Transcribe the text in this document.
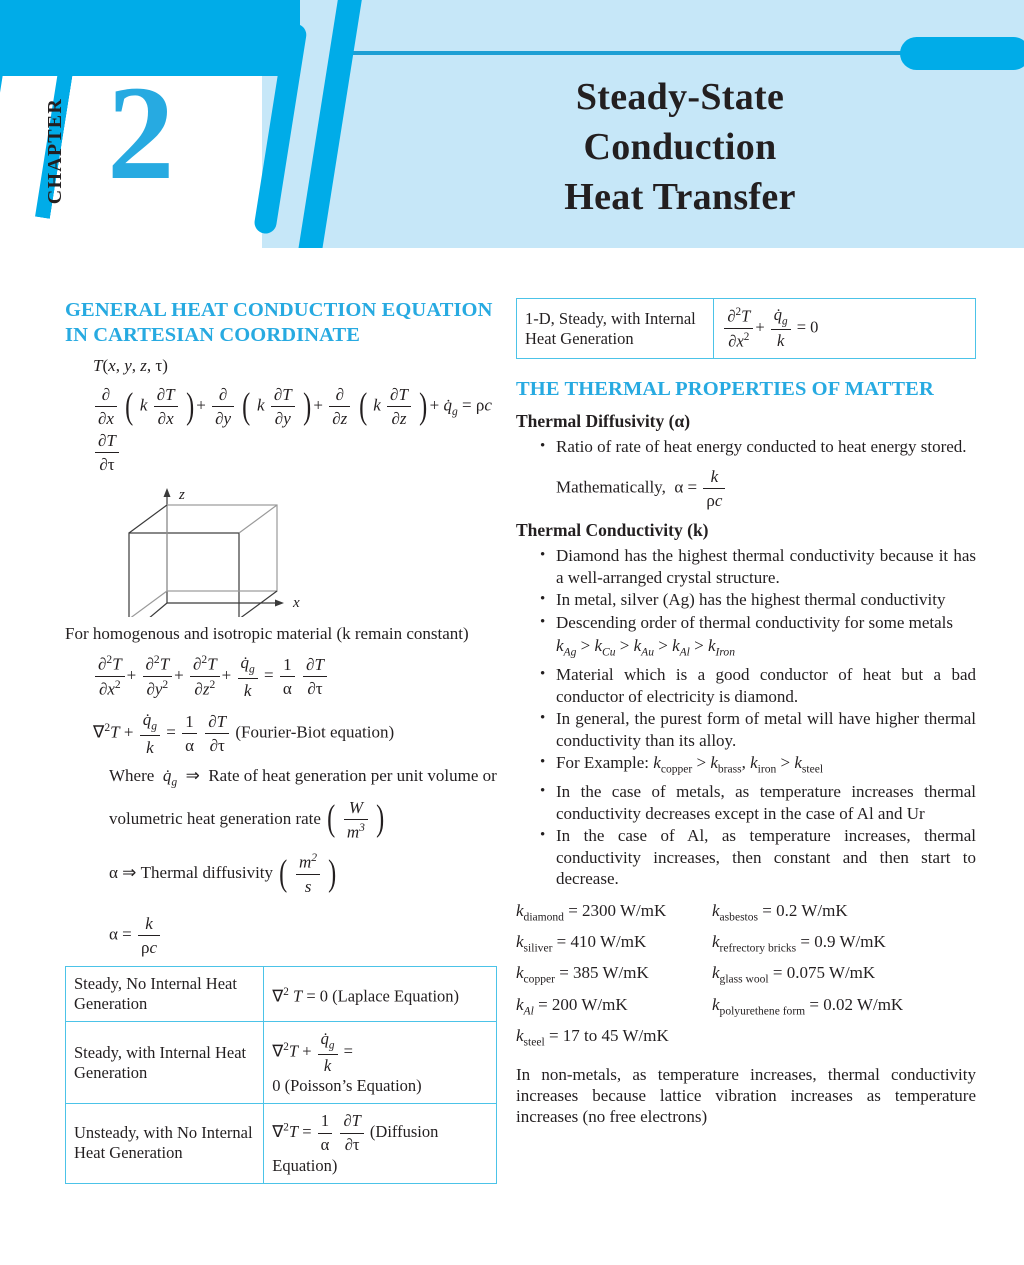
CHAPTER 2	Steady-State
Conduction
Heat Transfer
GENERAL HEAT CONDUCTION EQUATION IN CARTESIAN COORDINATE
T(x, y, z, τ)
$\frac{\partial}{\partial x}$ ( k $\frac{\partial T}{\partial x}$ ) + $\frac{\partial}{\partial y}$ ( k $\frac{\partial T}{\partial y}$ ) + $\frac{\partial}{\partial z}$ ( k $\frac{\partial T}{\partial z}$ ) + $q̇_g = \rho c$
$\frac{\partial T}{\partial\tau}$
z
x

For homogenous and isotropic material (k remain constant)

$\frac{\partial^2T}{\partial x^2} + \frac{\partial^2T}{\partial y^2} + \frac{\partial^2T}{\partial z^2} + \frac{q̇_g}{k} = \frac{1}{\alpha}$
$\frac{\partial T}{\partial\tau}$
$\nabla^2T + \frac{q̇_g}{k} = \frac{1}{\alpha}$
$\frac{\partial T}{\partial\tau}$ (Fourier-Biot equation)
Where  $q̇_g$  ⇒  Rate of heat generation per unit volume or
volumetric heat generation rate ( $\frac{W}{m^3}$ )
α ⇒ Thermal diffusivity ( $\frac{m^2}{s}$ )
$\alpha = \frac{k}{\rho c}$
Steady, No Internal Heat Generation	∇$^2$ T = 0 (Laplace Equation)
Steady, with Internal Heat Generation	$\nabla^2T + \frac{q̇_g}{k} = 0$ (Poisson’s Equation)
Unsteady, with No Internal Heat Generation	$\nabla^2T = \frac{1}{\alpha}$
$\frac{\partial T}{\partial\tau}$ (Diffusion Equation)
1-D, Steady, with Internal Heat Generation	$\frac{\partial^2T}{\partial x^2} + \frac{q̇_g}{k} = 0$
THE THERMAL PROPERTIES OF MATTER
Thermal Diffusivity (α)
• Ratio of rate of heat energy conducted to heat energy stored.
Mathematically,  $\alpha = \frac{k}{\rho c}$
Thermal Conductivity (k)
• Diamond has the highest thermal conductivity because it has a well-arranged crystal structure.
• In metal, silver (Ag) has the highest thermal conductivity
• Descending order of thermal conductivity for some metals
$k_{Ag} > k_{Cu} > k_{Au} > k_{Al} > k_{Iron}$
• Material which is a good conductor of heat but a bad conductor of electricity is diamond.
• In general, the purest form of metal will have higher thermal conductivity than its alloy.
• For Example: $k_{copper} > k_{brass}$, $k_{iron} > k_{steel}$
• In the case of metals, as temperature increases thermal conductivity decreases except in the case of Al and Ur
• In the case of Al, as temperature increases, thermal conductivity increases, then constant and then start to decrease.
$k_{diamond} = 2300$ W/mK
$k_{siliver} = 410$ W/mK
$k_{copper} = 385$ W/mK
$k_{Al} = 200$ W/mK
$k_{steel} = 17$ to 45 W/mK
$k_{asbestos} = 0.2$ W/mK
$k_{refrectory bricks} = 0.9$ W/mK
$k_{glass wool} = 0.075$ W/mK
$k_{polyurethene form} = 0.02$ W/mK

In non-metals, as temperature increases, thermal conductivity increases because lattice vibration increases as temperature increases (no free electrons)
